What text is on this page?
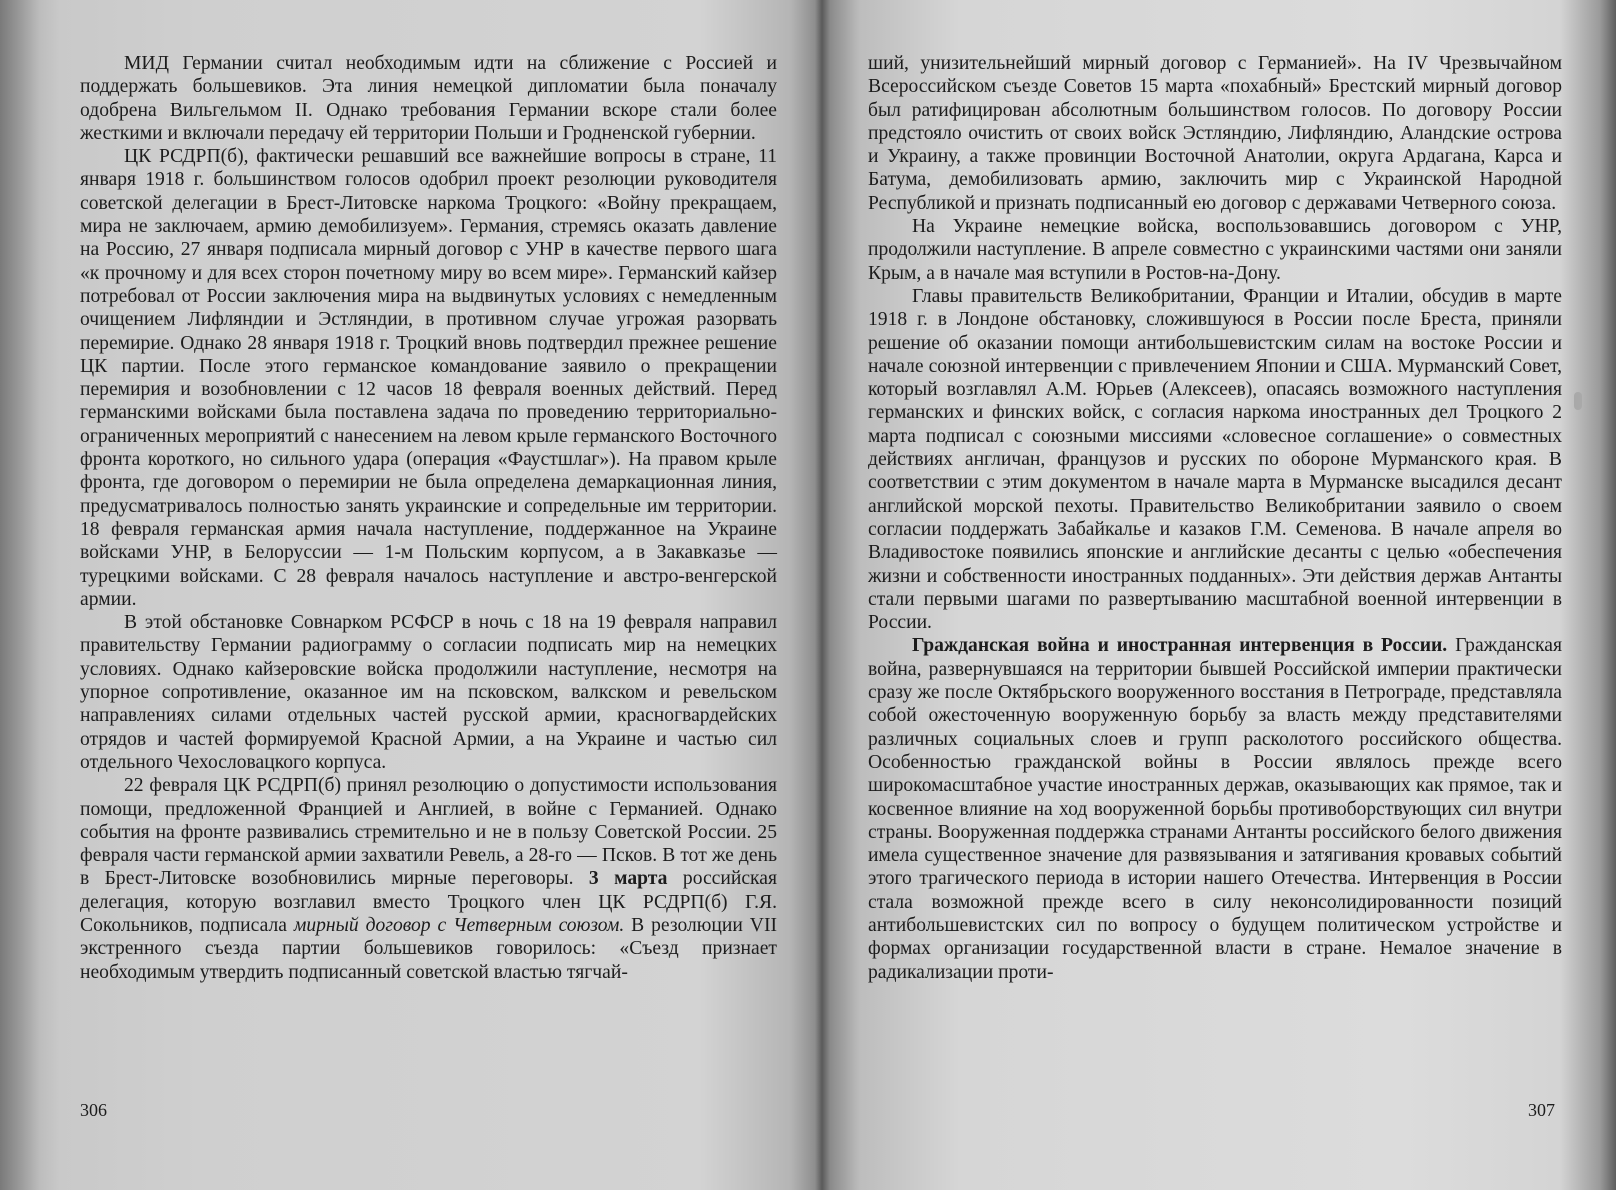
МИД Германии считал необходимым идти на сближение с Россией и поддержать большевиков. Эта линия немецкой дипломатии была поначалу одобрена Вильгельмом II. Однако требования Германии вскоре стали более жесткими и включали передачу ей территории Польши и Гродненской губернии.

ЦК РСДРП(б), фактически решавший все важнейшие вопросы в стране, 11 января 1918 г. большинством голосов одобрил проект резолюции руководителя советской делегации в Брест-Литовске наркома Троцкого: «Войну прекращаем, мира не заключаем, армию демобилизуем». Германия, стремясь оказать давление на Россию, 27 января подписала мирный договор с УНР в качестве первого шага «к прочному и для всех сторон почетному миру во всем мире». Германский кайзер потребовал от России заключения мира на выдвинутых условиях с немедленным очищением Лифляндии и Эстляндии, в противном случае угрожая разорвать перемирие. Однако 28 января 1918 г. Троцкий вновь подтвердил прежнее решение ЦК партии. После этого германское командование заявило о прекращении перемирия и возобновлении с 12 часов 18 февраля военных действий. Перед германскими войсками была поставлена задача по проведению территориально-ограниченных мероприятий с нанесением на левом крыле германского Восточного фронта короткого, но сильного удара (операция «Фаустшлаг»). На правом крыле фронта, где договором о перемирии не была определена демаркационная линия, предусматривалось полностью занять украинские и сопредельные им территории. 18 февраля германская армия начала наступление, поддержанное на Украине войсками УНР, в Белоруссии — 1-м Польским корпусом, а в Закавказье — турецкими войсками. С 28 февраля началось наступление и австро-венгерской армии.

В этой обстановке Совнарком РСФСР в ночь с 18 на 19 февраля направил правительству Германии радиограмму о согласии подписать мир на немецких условиях. Однако кайзеровские войска продолжили наступление, несмотря на упорное сопротивление, оказанное им на псковском, валкском и ревельском направлениях силами отдельных частей русской армии, красногвардейских отрядов и частей формируемой Красной Армии, а на Украине и частью сил отдельного Чехословацкого корпуса.

22 февраля ЦК РСДРП(б) принял резолюцию о допустимости использования помощи, предложенной Францией и Англией, в войне с Германией. Однако события на фронте развивались стремительно и не в пользу Советской России. 25 февраля части германской армии захватили Ревель, а 28-го — Псков. В тот же день в Брест-Литовске возобновились мирные переговоры. 3 марта российская делегация, которую возглавил вместо Троцкого член ЦК РСДРП(б) Г.Я. Сокольников, подписала мирный договор с Четверным союзом. В резолюции VII экстренного съезда партии большевиков говорилось: «Съезд признает необходимым утвердить подписанный советской властью тягчай-

306

ший, унизительнейший мирный договор с Германией». На IV Чрезвычайном Всероссийском съезде Советов 15 марта «похабный» Брестский мирный договор был ратифицирован абсолютным большинством голосов. По договору России предстояло очистить от своих войск Эстляндию, Лифляндию, Аландские острова и Украину, а также провинции Восточной Анатолии, округа Ардагана, Карса и Батума, демобилизовать армию, заключить мир с Украинской Народной Республикой и признать подписанный ею договор с державами Четверного союза.

На Украине немецкие войска, воспользовавшись договором с УНР, продолжили наступление. В апреле совместно с украинскими частями они заняли Крым, а в начале мая вступили в Ростов-на-Дону.

Главы правительств Великобритании, Франции и Италии, обсудив в марте 1918 г. в Лондоне обстановку, сложившуюся в России после Бреста, приняли решение об оказании помощи антибольшевистским силам на востоке России и начале союзной интервенции с привлечением Японии и США. Мурманский Совет, который возглавлял А.М. Юрьев (Алексеев), опасаясь возможного наступления германских и финских войск, с согласия наркома иностранных дел Троцкого 2 марта подписал с союзными миссиями «словесное соглашение» о совместных действиях англичан, французов и русских по обороне Мурманского края. В соответствии с этим документом в начале марта в Мурманске высадился десант английской морской пехоты. Правительство Великобритании заявило о своем согласии поддержать Забайкалье и казаков Г.М. Семенова. В начале апреля во Владивостоке появились японские и английские десанты с целью «обеспечения жизни и собственности иностранных подданных». Эти действия держав Антанты стали первыми шагами по развертыванию масштабной военной интервенции в России.

Гражданская война и иностранная интервенция в России. Гражданская война, развернувшаяся на территории бывшей Российской империи практически сразу же после Октябрьского вооруженного восстания в Петрограде, представляла собой ожесточенную вооруженную борьбу за власть между представителями различных социальных слоев и групп расколотого российского общества. Особенностью гражданской войны в России являлось прежде всего широкомасштабное участие иностранных держав, оказывающих как прямое, так и косвенное влияние на ход вооруженной борьбы противоборствующих сил внутри страны. Вооруженная поддержка странами Антанты российского белого движения имела существенное значение для развязывания и затягивания кровавых событий этого трагического периода в истории нашего Отечества. Интервенция в России стала возможной прежде всего в силу неконсолидированности позиций антибольшевистских сил по вопросу о будущем политическом устройстве и формах организации государственной власти в стране. Немалое значение в радикализации проти-

307
